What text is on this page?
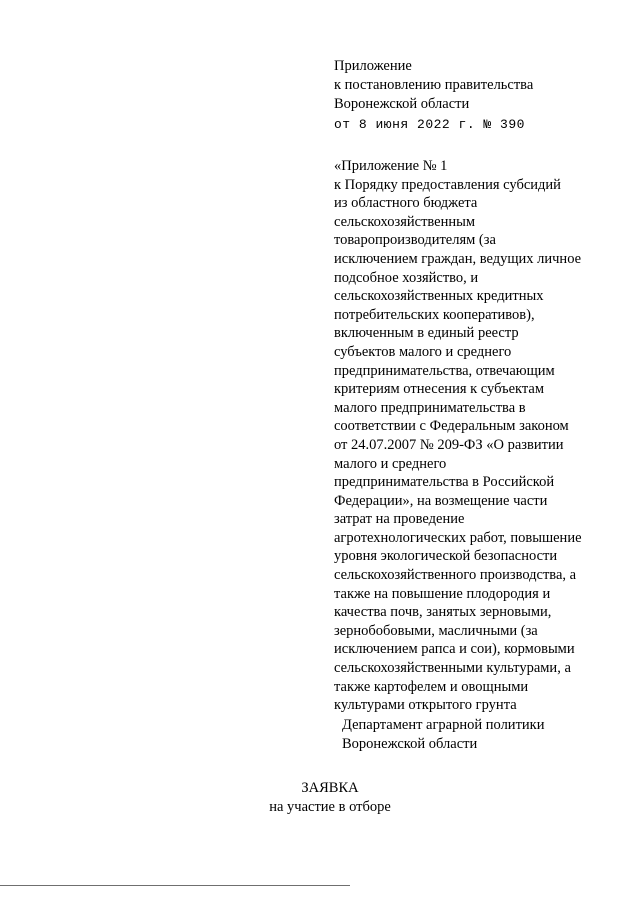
Приложение
к постановлению правительства
Воронежской области
от 8 июня 2022 г. № 390
«Приложение № 1
к Порядку предоставления субсидий
из областного бюджета
сельскохозяйственным
товаропроизводителям (за
исключением граждан, ведущих личное
подсобное хозяйство, и
сельскохозяйственных кредитных
потребительских кооперативов),
включенным в единый реестр
субъектов малого и среднего
предпринимательства, отвечающим
критериям отнесения к субъектам
малого предпринимательства в
соответствии с Федеральным законом
от 24.07.2007 № 209-ФЗ «О развитии
малого и среднего
предпринимательства в Российской
Федерации», на возмещение части
затрат на проведение
агротехнологических работ, повышение
уровня экологической безопасности
сельскохозяйственного производства, а
также на повышение плодородия и
качества почв, занятых зерновыми,
зернобобовыми, масличными (за
исключением рапса и сои), кормовыми
сельскохозяйственными культурами, а
также картофелем и овощными
культурами открытого грунта
Департамент аграрной политики
Воронежской области
ЗАЯВКА
на участие в отборе
